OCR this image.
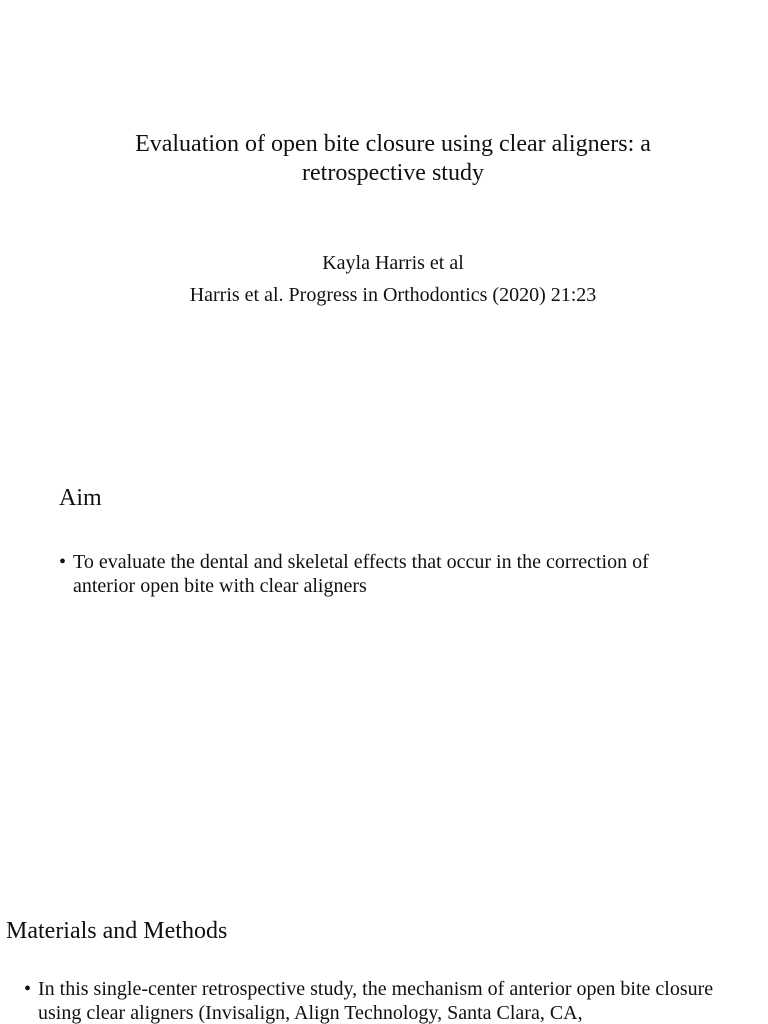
Evaluation of open bite closure using clear aligners: a retrospective study
Kayla Harris et al
Harris et al. Progress in Orthodontics (2020) 21:23
Aim
• To evaluate the dental and skeletal effects that occur in the correction of anterior open bite with clear aligners
Materials and Methods
• In this single-center retrospective study, the mechanism of anterior open bite closure using clear aligners (Invisalign, Align Technology, Santa Clara, CA,
